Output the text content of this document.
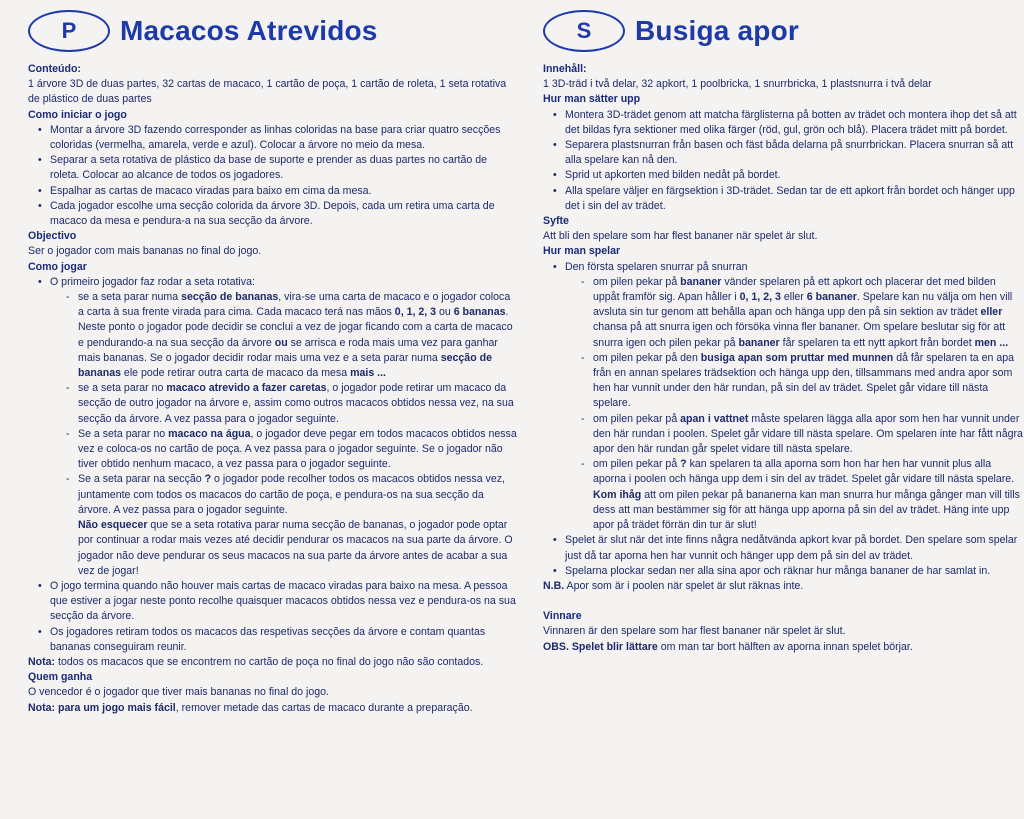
P	Macacos Atrevidos
Conteúdo:

1 árvore 3D de duas partes, 32 cartas de macaco, 1 cartão de poça, 1 cartão de roleta, 1 seta rotativa de plástico de duas partes

Como iniciar o jogo
• Montar a árvore 3D fazendo corresponder as linhas coloridas na base para criar quatro secções coloridas (vermelha, amarela, verde e azul). Colocar a árvore no meio da mesa.
• Separar a seta rotativa de plástico da base de suporte e prender as duas partes no cartão de roleta. Colocar ao alcance de todos os jogadores.
• Espalhar as cartas de macaco viradas para baixo em cima da mesa.
• Cada jogador escolhe uma secção colorida da árvore 3D. Depois, cada um retira uma carta de macaco da mesa e pendura-a na sua secção da árvore.
Objectivo

Ser o jogador com mais bananas no final do jogo.

Como jogar
• O primeiro jogador faz rodar a seta rotativa:
- se a seta parar numa secção de bananas, vira-se uma carta de macaco e o jogador coloca a carta à sua frente virada para cima. Cada macaco terá nas mãos 0, 1, 2, 3 ou 6 bananas. Neste ponto o jogador pode decidir se conclui a vez de jogar ficando com a carta de macaco e pendurando-a na sua secção da árvore ou se arrisca e roda mais uma vez para ganhar mais bananas. Se o jogador decidir rodar mais uma vez e a seta parar numa secção de bananas ele pode retirar outra carta de macaco da mesa mais ...
- se a seta parar no macaco atrevido a fazer caretas, o jogador pode retirar um macaco da secção de outro jogador na árvore e, assim como outros macacos obtidos nessa vez, na sua secção da árvore. A vez passa para o jogador seguinte.
- Se a seta parar no macaco na água, o jogador deve pegar em todos macacos obtidos nessa vez e coloca-os no cartão de poça. A vez passa para o jogador seguinte. Se o jogador não tiver obtido nenhum macaco, a vez passa para o jogador seguinte.
- Se a seta parar na secção ? o jogador pode recolher todos os macacos obtidos nessa vez, juntamente com todos os macacos do cartão de poça, e pendura-os na sua secção da árvore. A vez passa para o jogador seguinte.
Não esquecer que se a seta rotativa parar numa secção de bananas, o jogador pode optar por continuar a rodar mais vezes até decidir pendurar os macacos na sua parte da árvore. O jogador não deve pendurar os seus macacos na sua parte da árvore antes de acabar a sua vez de jogar!
• O jogo termina quando não houver mais cartas de macaco viradas para baixo na mesa. A pessoa que estiver a jogar neste ponto recolhe quaisquer macacos obtidos nessa vez e pendura-os na sua secção da árvore.
• Os jogadores retiram todos os macacos das respetivas secções da árvore e contam quantas bananas conseguiram reunir.

Nota: todos os macacos que se encontrem no cartão de poça no final do jogo não são contados.

Quem ganha

O vencedor é o jogador que tiver mais bananas no final do jogo.

Nota: para um jogo mais fácil, remover metade das cartas de macaco durante a preparação.

S	Busiga apor
Innehåll:

1 3D-träd i två delar, 32 apkort, 1 poolbricka, 1 snurrbricka, 1 plastsnurra i två delar

Hur man sätter upp
• Montera 3D-trädet genom att matcha färglisterna på botten av trädet och montera ihop det så att det bildas fyra sektioner med olika färger (röd, gul, grön och blå). Placera trädet mitt på bordet.
• Separera plastsnurran från basen och fäst båda delarna på snurrbrickan. Placera snurran så att alla spelare kan nå den.
• Sprid ut apkorten med bilden nedåt på bordet.
• Alla spelare väljer en färgsektion i 3D-trädet. Sedan tar de ett apkort från bordet och hänger upp det i sin del av trädet.
Syfte

Att bli den spelare som har flest bananer när spelet är slut.

Hur man spelar
• Den första spelaren snurrar på snurran
- om pilen pekar på bananer vänder spelaren på ett apkort och placerar det med bilden uppåt framför sig. Apan håller i 0, 1, 2, 3 eller 6 bananer. Spelare kan nu välja om hen vill avsluta sin tur genom att behålla apan och hänga upp den på sin sektion av trädet eller chansa på att snurra igen och försöka vinna fler bananer. Om spelare beslutar sig för att snurra igen och pilen pekar på bananer får spelaren ta ett nytt apkort från bordet men ...
- om pilen pekar på den busiga apan som pruttar med munnen då får spelaren ta en apa från en annan spelares trädsektion och hänga upp den, tillsammans med andra apor som hen har vunnit under den här rundan, på sin del av trädet. Spelet går vidare till nästa spelare.
- om pilen pekar på apan i vattnet måste spelaren lägga alla apor som hen har vunnit under den här rundan i poolen. Spelet går vidare till nästa spelare. Om spelaren inte har fått några apor den här rundan går spelet vidare till nästa spelare.
- om pilen pekar på ? kan spelaren ta alla aporna som hon har hen har vunnit plus alla aporna i poolen och hänga upp dem i sin del av trädet. Spelet går vidare till nästa spelare.
Kom ihåg att om pilen pekar på bananerna kan man snurra hur många gånger man vill tills dess att man bestämmer sig för att hänga upp aporna på sin del av trädet. Häng inte upp apor på trädet förrän din tur är slut!
• Spelet är slut när det inte finns några nedåtvända apkort kvar på bordet. Den spelare som spelar just då tar aporna hen har vunnit och hänger upp dem på sin del av trädet.
• Spelarna plockar sedan ner alla sina apor och räknar hur många bananer de har samlat in.

N.B. Apor som är i poolen när spelet är slut räknas inte.

Vinnare

Vinnaren är den spelare som har flest bananer när spelet är slut.

OBS. Spelet blir lättare om man tar bort hälften av aporna innan spelet börjar.
